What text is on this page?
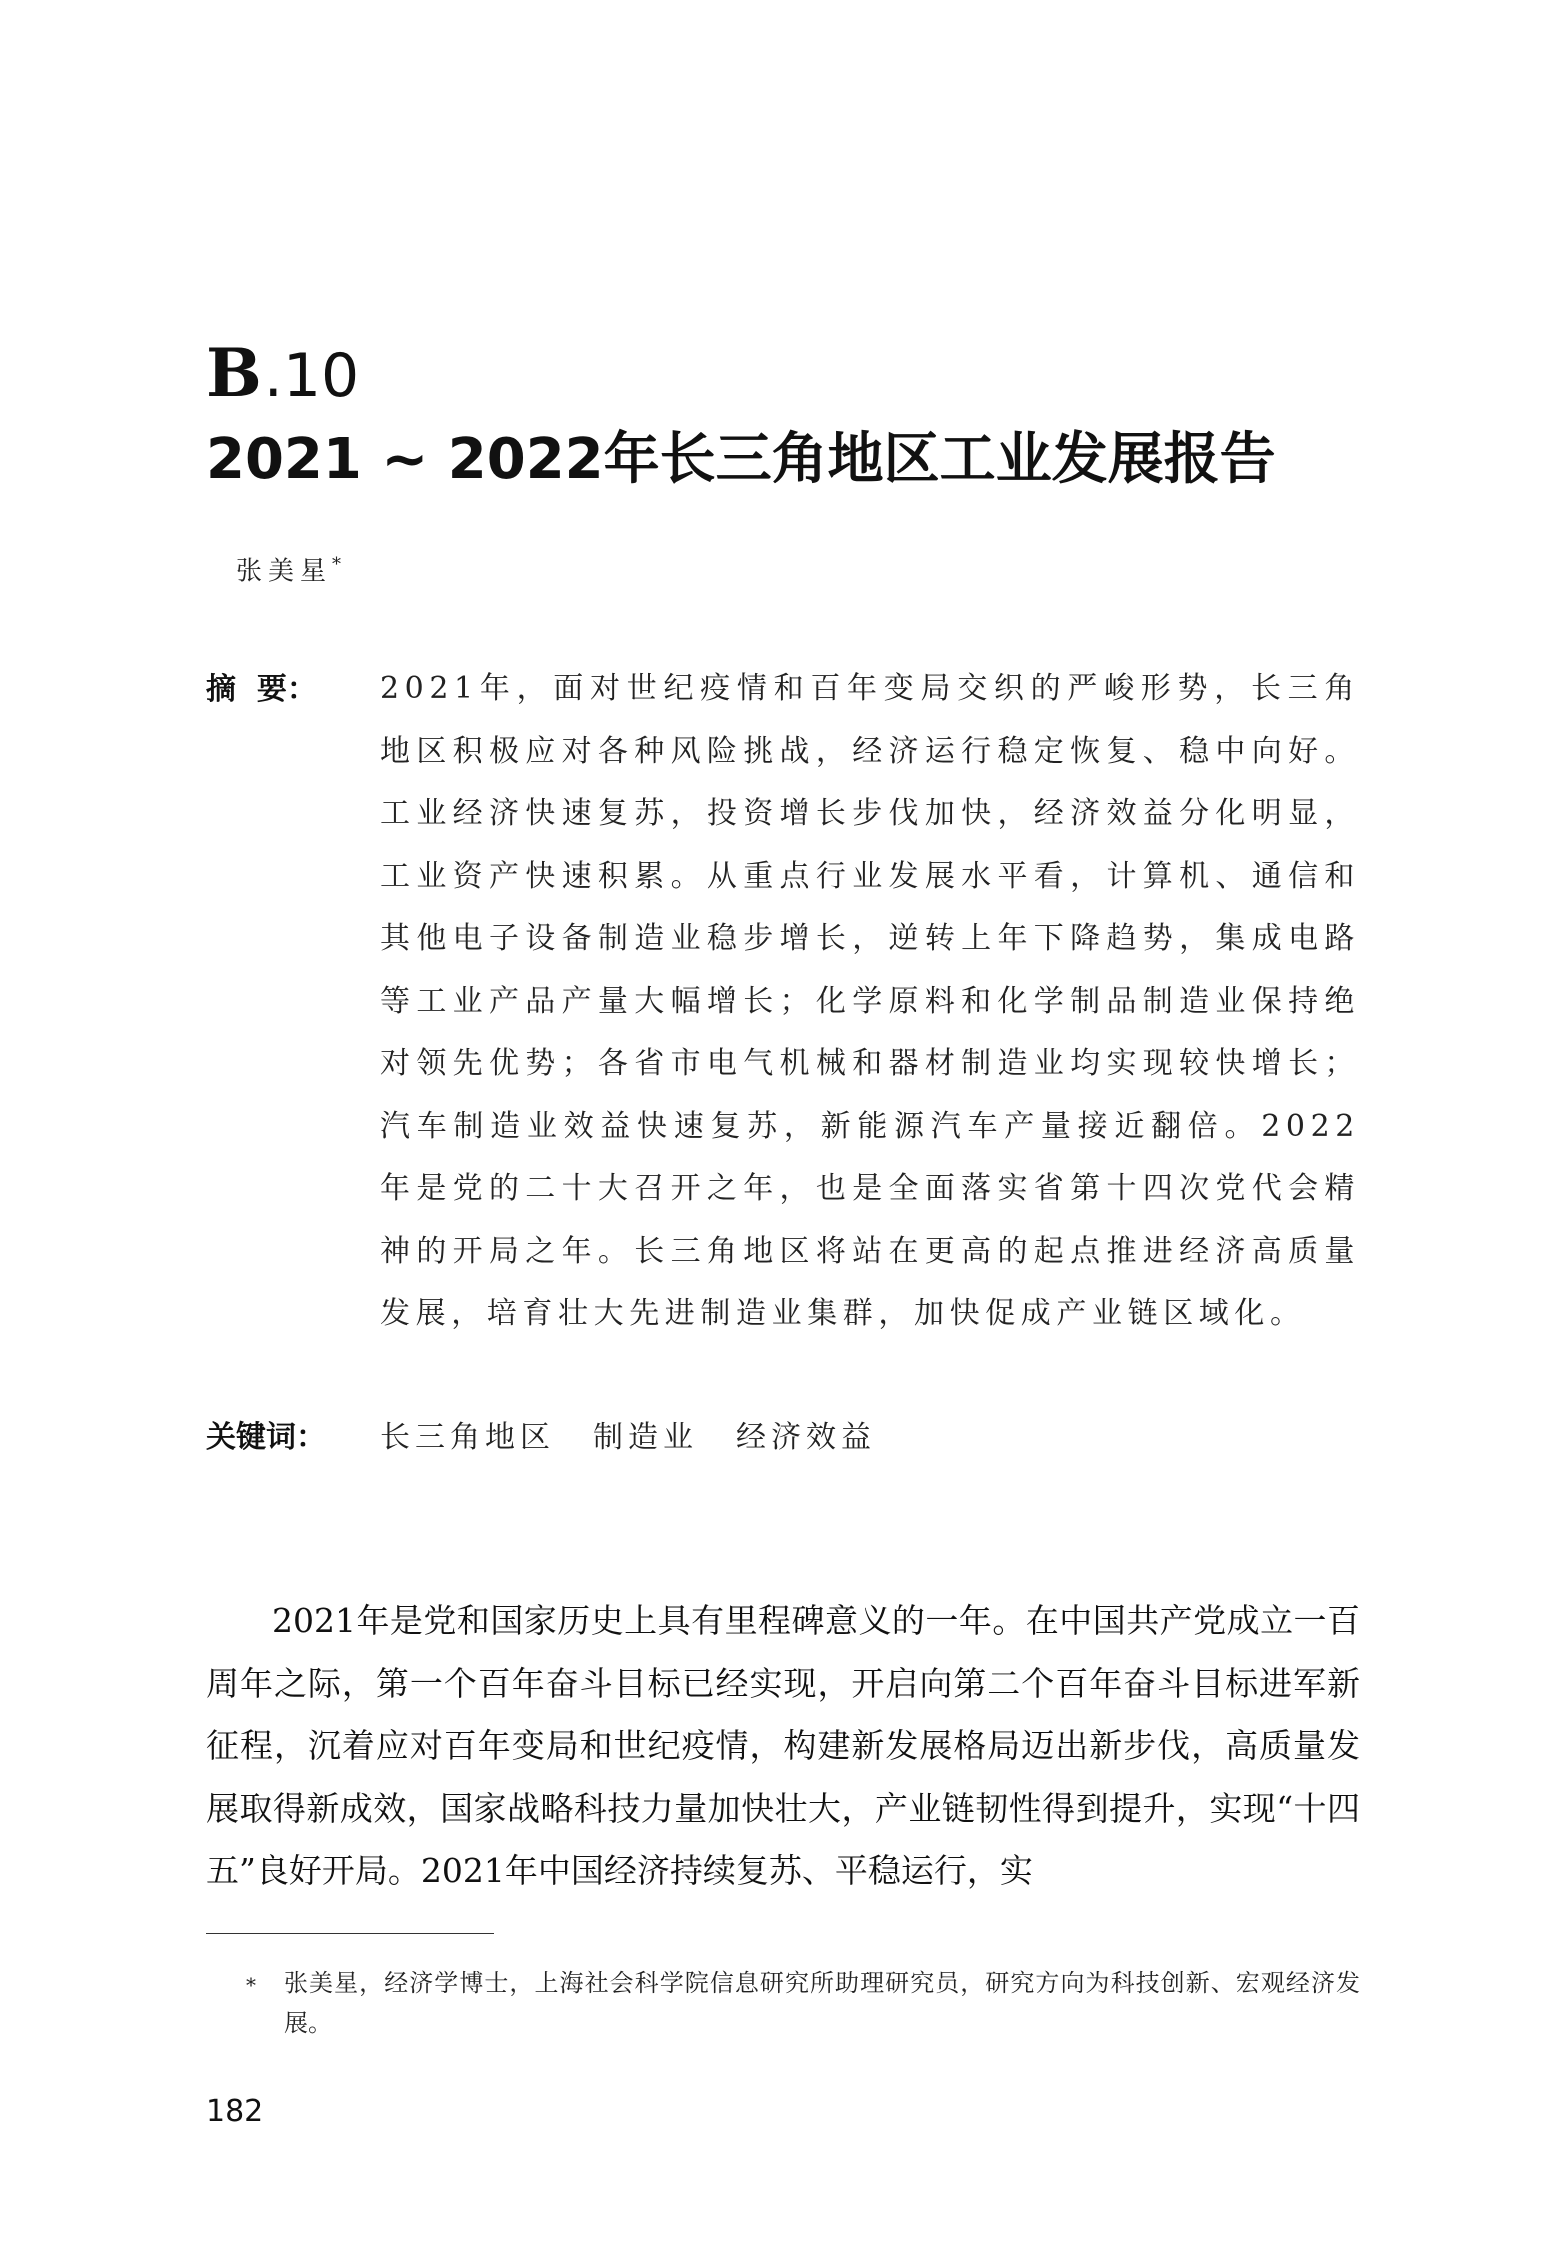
B .10
2021 ~ 2022年长三角地区工业发展报告
张美星*
摘  要： 2021年，面对世纪疫情和百年变局交织的严峻形势，长三角地区积极应对各种风险挑战，经济运行稳定恢复、稳中向好。工业经济快速复苏，投资增长步伐加快，经济效益分化明显，工业资产快速积累。从重点行业发展水平看，计算机、通信和其他电子设备制造业稳步增长，逆转上年下降趋势，集成电路等工业产品产量大幅增长；化学原料和化学制品制造业保持绝对领先优势；各省市电气机械和器材制造业均实现较快增长；汽车制造业效益快速复苏，新能源汽车产量接近翻倍。2022年是党的二十大召开之年，也是全面落实省第十四次党代会精神的开局之年。长三角地区将站在更高的起点推进经济高质量发展，培育壮大先进制造业集群，加快促成产业链区域化。
关键词： 长三角地区 制造业 经济效益

2021年是党和国家历史上具有里程碑意义的一年。在中国共产党成立一百周年之际，第一个百年奋斗目标已经实现，开启向第二个百年奋斗目标进军新征程，沉着应对百年变局和世纪疫情，构建新发展格局迈出新步伐，高质量发展取得新成效，国家战略科技力量加快壮大，产业链韧性得到提升，实现“十四五”良好开局。2021年中国经济持续复苏、平稳运行，实

* 张美星，经济学博士，上海社会科学院信息研究所助理研究员，研究方向为科技创新、宏观经济发展。
182
